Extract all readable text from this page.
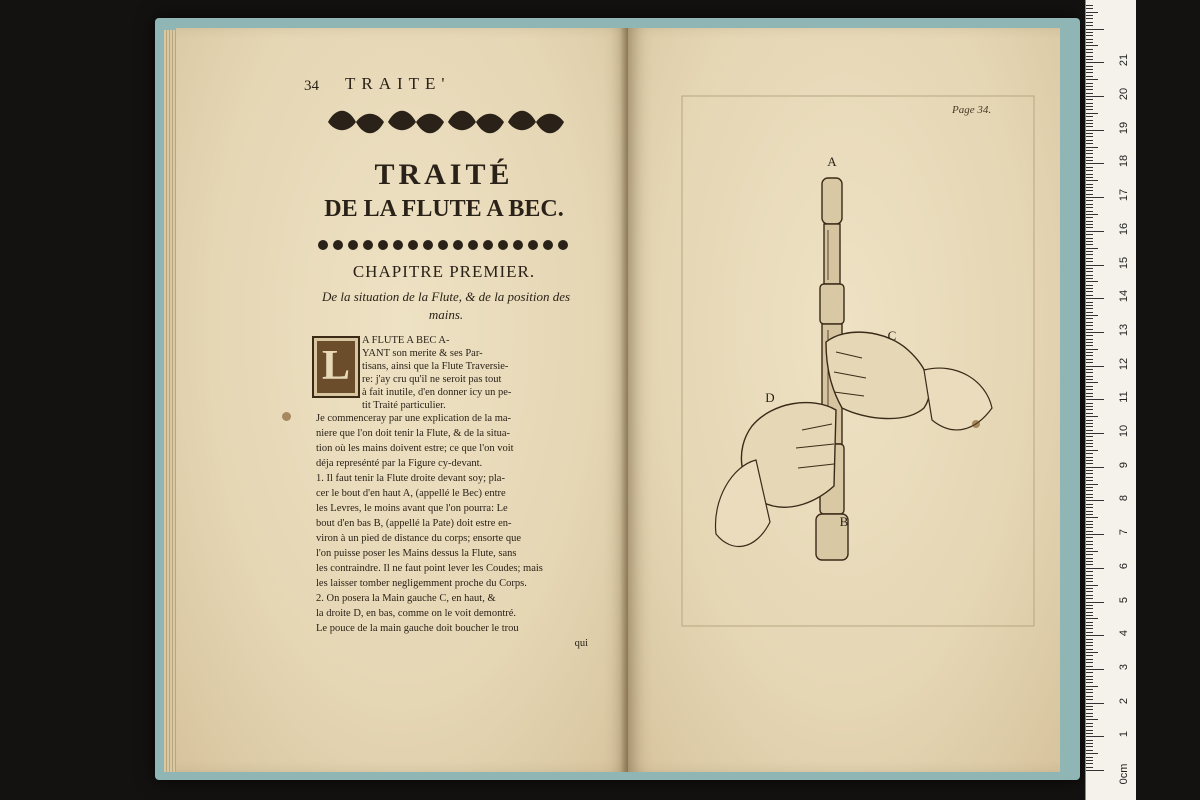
34 TRAITE'
TRAITÉ
DE LA FLUTE A BEC.
CHAPITRE PREMIER.
De la situation de la Flute, & de la position des
mains.
L
A FLUTE A BEC A-
YANT son merite & ses Par-
tisans, ainsi que la Flute Traversie-
re: j'ay cru qu'il ne seroit pas tout
à fait inutile, d'en donner icy un pe-
tit Traité particulier.
Je commenceray par une explication de la ma-
niere que l'on doit tenir la Flute, & de la situa-
tion où les mains doivent estre; ce que l'on voit
déja represénté par la Figure cy-devant.
1. Il faut tenir la Flute droite devant soy; pla-
cer le bout d'en haut A, (appellé le Bec) entre
les Levres, le moins avant que l'on pourra: Le
bout d'en bas B, (appellé la Pate) doit estre en-
viron à un pied de distance du corps; ensorte que
l'on puisse poser les Mains dessus la Flute, sans
les contraindre. Il ne faut point lever les Coudes; mais
les laisser tomber negligemment proche du Corps.
2. On posera la Main gauche C, en haut, &
la droite D, en bas, comme on le voit demontré.
Le pouce de la main gauche doit boucher le trou
qui
Page 34.
A
B
C
D
0cm
1
2
3
4
5
6
7
8
9
10
11
12
13
14
15
16
17
18
19
20
21
